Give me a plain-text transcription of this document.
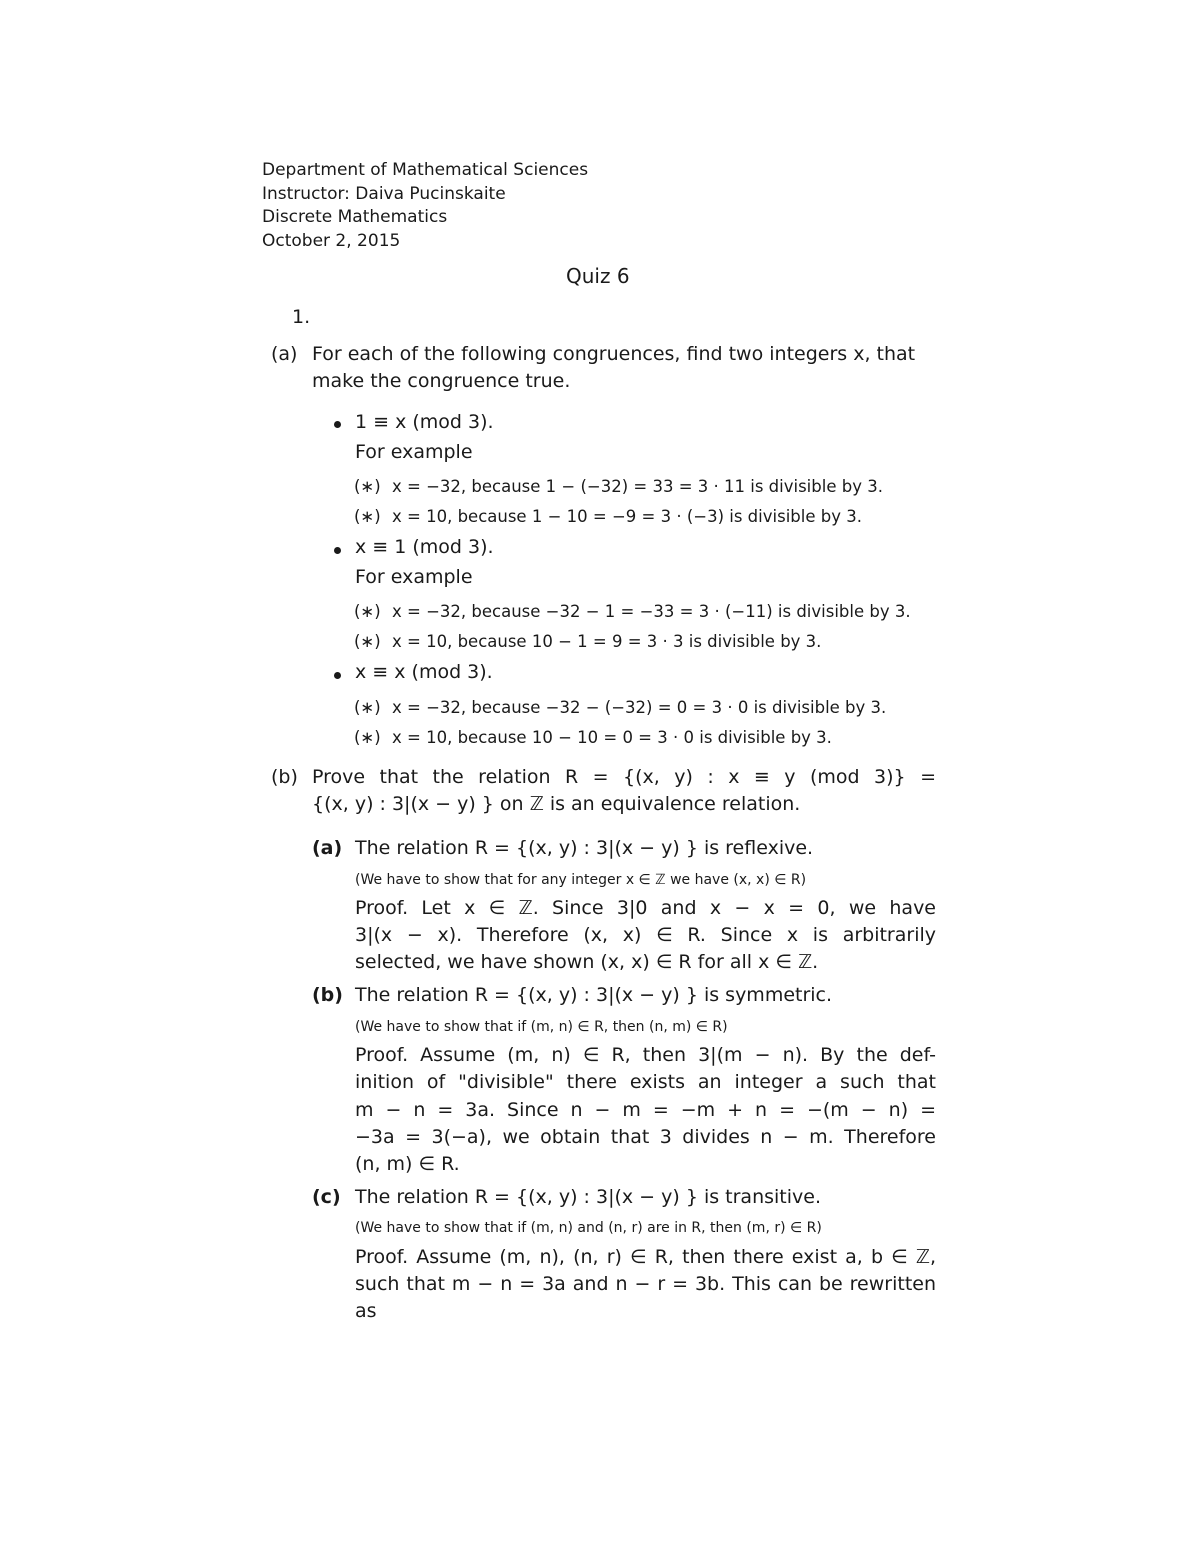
Department of Mathematical Sciences
Instructor: Daiva Pucinskaite
Discrete Mathematics
October 2, 2015
Quiz 6
1.
(a) For each of the following congruences, find two integers x, that
make the congruence true.
1 ≡ x (mod 3).
For example
(∗) x = −32, because 1 − (−32) = 33 = 3 · 11 is divisible by 3.
(∗) x = 10, because 1 − 10 = −9 = 3 · (−3) is divisible by 3.
x ≡ 1 (mod 3).
For example
(∗) x = −32, because −32 − 1 = −33 = 3 · (−11) is divisible by 3.
(∗) x = 10, because 10 − 1 = 9 = 3 · 3 is divisible by 3.
x ≡ x (mod 3).
(∗) x = −32, because −32 − (−32) = 0 = 3 · 0 is divisible by 3.
(∗) x = 10, because 10 − 10 = 0 = 3 · 0 is divisible by 3.
(b) Prove that the relation R = {(x, y) : x ≡ y (mod 3)} =
{(x, y) : 3|(x − y) } on ℤ is an equivalence relation.
(a) The relation R = {(x, y) : 3|(x − y) } is reflexive.
(We have to show that for any integer x ∈ ℤ we have (x, x) ∈ R)
Proof. Let x ∈ ℤ. Since 3|0 and x − x = 0, we have
3|(x − x). Therefore (x, x) ∈ R. Since x is arbitrarily
selected, we have shown (x, x) ∈ R for all x ∈ ℤ.
(b) The relation R = {(x, y) : 3|(x − y) } is symmetric.
(We have to show that if (m, n) ∈ R, then (n, m) ∈ R)
Proof. Assume (m, n) ∈ R, then 3|(m − n). By the def-
inition of "divisible" there exists an integer a such that
m − n = 3a. Since n − m = −m + n = −(m − n) =
−3a = 3(−a), we obtain that 3 divides n − m. Therefore
(n, m) ∈ R.
(c) The relation R = {(x, y) : 3|(x − y) } is transitive.
(We have to show that if (m, n) and (n, r) are in R, then (m, r) ∈ R)
Proof. Assume (m, n), (n, r) ∈ R, then there exist a, b ∈ ℤ,
such that m − n = 3a and n − r = 3b. This can be rewritten
as
